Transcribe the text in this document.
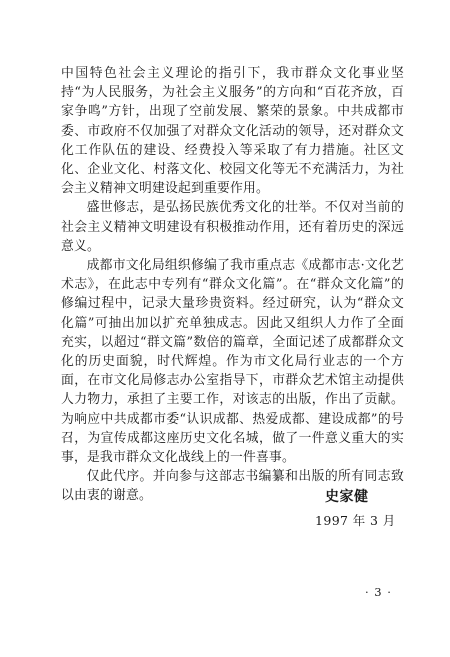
中国特色社会主义理论的指引下，我市群众文化事业坚持“为人民服务，为社会主义服务”的方向和“百花齐放，百家争鸣”方针，出现了空前发展、繁荣的景象。中共成都市委、市政府不仅加强了对群众文化活动的领导，还对群众文化工作队伍的建设、经费投入等采取了有力措施。社区文化、企业文化、村落文化、校园文化等无不充满活力，为社会主义精神文明建设起到重要作用。

盛世修志，是弘扬民族优秀文化的壮举。不仅对当前的社会主义精神文明建设有积极推动作用，还有着历史的深远意义。

成都市文化局组织修编了我市重点志《成都市志·文化艺术志》，在此志中专列有“群众文化篇”。在“群众文化篇”的修编过程中，记录大量珍贵资料。经过研究，认为“群众文化篇”可抽出加以扩充单独成志。因此又组织人力作了全面充实，以超过“群文篇”数倍的篇章，全面记述了成都群众文化的历史面貌，时代辉煌。作为市文化局行业志的一个方面，在市文化局修志办公室指导下，市群众艺术馆主动提供人力物力，承担了主要工作，对该志的出版，作出了贡献。为响应中共成都市委“认识成都、热爱成都、建设成都”的号召，为宣传成都这座历史文化名城，做了一件意义重大的实事，是我市群众文化战线上的一件喜事。

仅此代序。并向参与这部志书编纂和出版的所有同志致以由衷的谢意。	史家健
1997 年 3 月
· 3 ·
